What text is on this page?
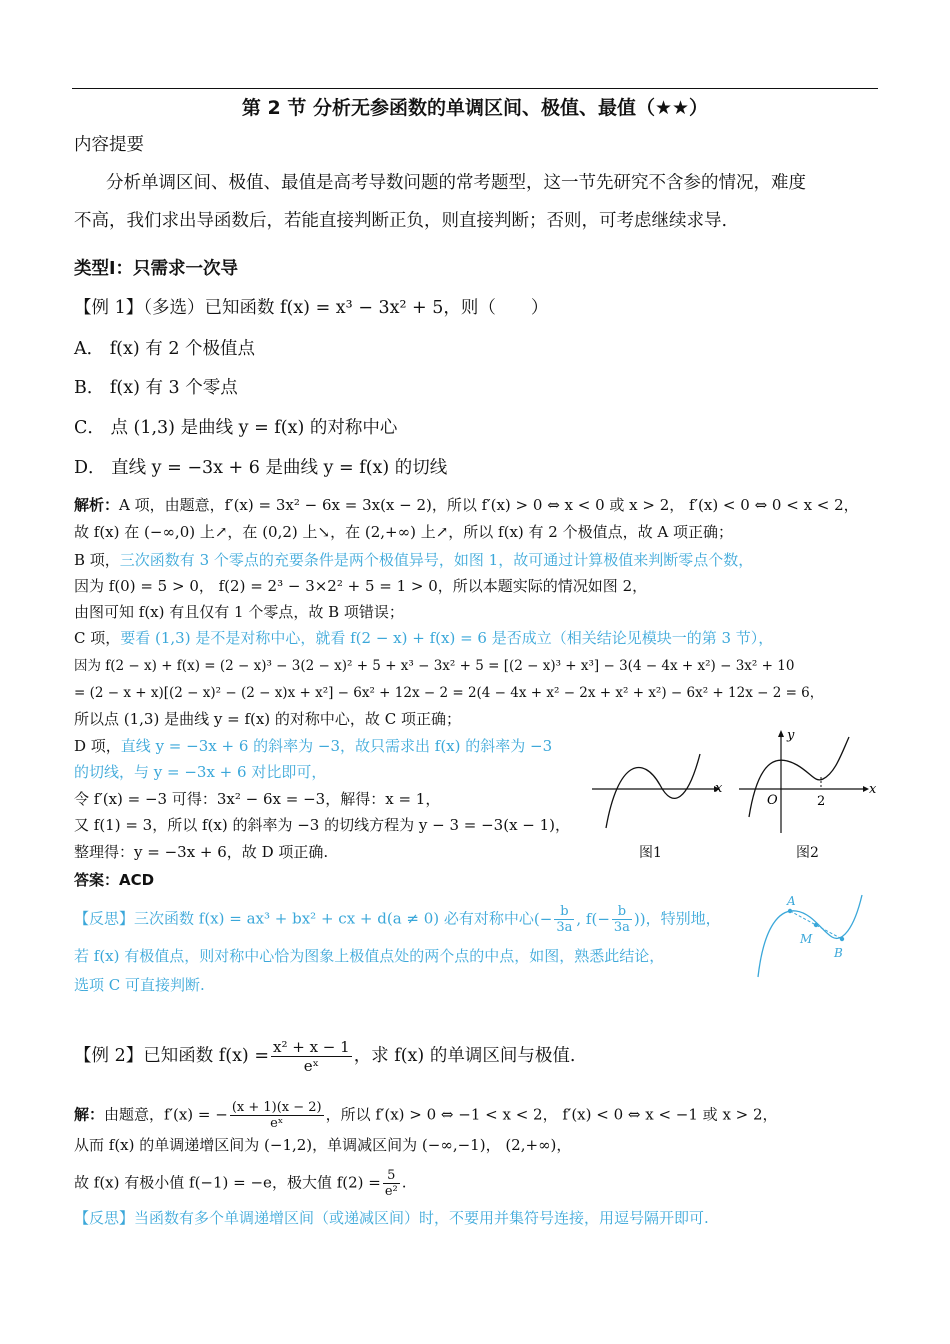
第 2 节 分析无参函数的单调区间、极值、最值（★★）
内容提要
分析单调区间、极值、最值是高考导数问题的常考题型，这一节先研究不含参的情况，难度
不高，我们求出导函数后，若能直接判断正负，则直接判断；否则，可考虑继续求导.
类型Ⅰ：只需求一次导
【例 1】（多选）已知函数 f(x) = x³ − 3x² + 5，则（　　）
A． f(x) 有 2 个极值点
B． f(x) 有 3 个零点
C． 点 (1,3) 是曲线 y = f(x) 的对称中心
D． 直线 y = −3x + 6 是曲线 y = f(x) 的切线
解析：A 项，由题意，f′(x) = 3x² − 6x = 3x(x − 2)，所以 f′(x) > 0 ⇔ x < 0 或 x > 2， f′(x) < 0 ⇔ 0 < x < 2，
故 f(x) 在 (−∞,0) 上↗，在 (0,2) 上↘，在 (2,+∞) 上↗，所以 f(x) 有 2 个极值点，故 A 项正确；
B 项，三次函数有 3 个零点的充要条件是两个极值异号，如图 1，故可通过计算极值来判断零点个数，
因为 f(0) = 5 > 0， f(2) = 2³ − 3×2² + 5 = 1 > 0，所以本题实际的情况如图 2，
由图可知 f(x) 有且仅有 1 个零点，故 B 项错误；
C 项，要看 (1,3) 是不是对称中心，就看 f(2 − x) + f(x) = 6 是否成立（相关结论见模块一的第 3 节），
因为 f(2 − x) + f(x) = (2 − x)³ − 3(2 − x)² + 5 + x³ − 3x² + 5 = [(2 − x)³ + x³] − 3(4 − 4x + x²) − 3x² + 10
= (2 − x + x)[(2 − x)² − (2 − x)x + x²] − 6x² + 12x − 2 = 2(4 − 4x + x² − 2x + x² + x²) − 6x² + 12x − 2 = 6，
所以点 (1,3) 是曲线 y = f(x) 的对称中心，故 C 项正确；
D 项，直线 y = −3x + 6 的斜率为 −3，故只需求出 f(x) 的斜率为 −3
的切线，与 y = −3x + 6 对比即可，
令 f′(x) = −3 可得：3x² − 6x = −3，解得：x = 1，
又 f(1) = 3，所以 f(x) 的斜率为 −3 的切线方程为 y − 3 = −3(x − 1)，
整理得：y = −3x + 6，故 D 项正确.
答案：ACD
x
图1
x
y
O	2
图2
【反思】三次函数 f(x) = ax³ + bx² + cx + d(a ≠ 0) 必有对称中心(− $\frac{b}{3a}$ , $f(- \frac{b}{3a}$ ))，特别地，
若 f(x) 有极值点，则对称中心恰为图象上极值点处的两个点的中点，如图，熟悉此结论，
选项 C 可直接判断.
A
M
B
【例 2】已知函数 $f(x) = \frac{\text{x² + x − 1}}{\text{eˣ}}$ ，求 f(x) 的单调区间与极值.
解：由题意，f′(x) = − $\frac{(x + 1)(x - 2)}{\text{eˣ}}$ ，所以 f′(x) > 0 ⇔ −1 < x < 2， f′(x) < 0 ⇔ x < −1 或 x > 2，
从而 f(x) 的单调递增区间为 (−1,2)，单调减区间为 (−∞,−1)， (2,+∞)，
故 f(x) 有极小值 f(−1) = −e，极大值 $f(2) = \frac{5}{\text{e²}}$ .
【反思】当函数有多个单调递增区间（或递减区间）时，不要用并集符号连接，用逗号隔开即可.
